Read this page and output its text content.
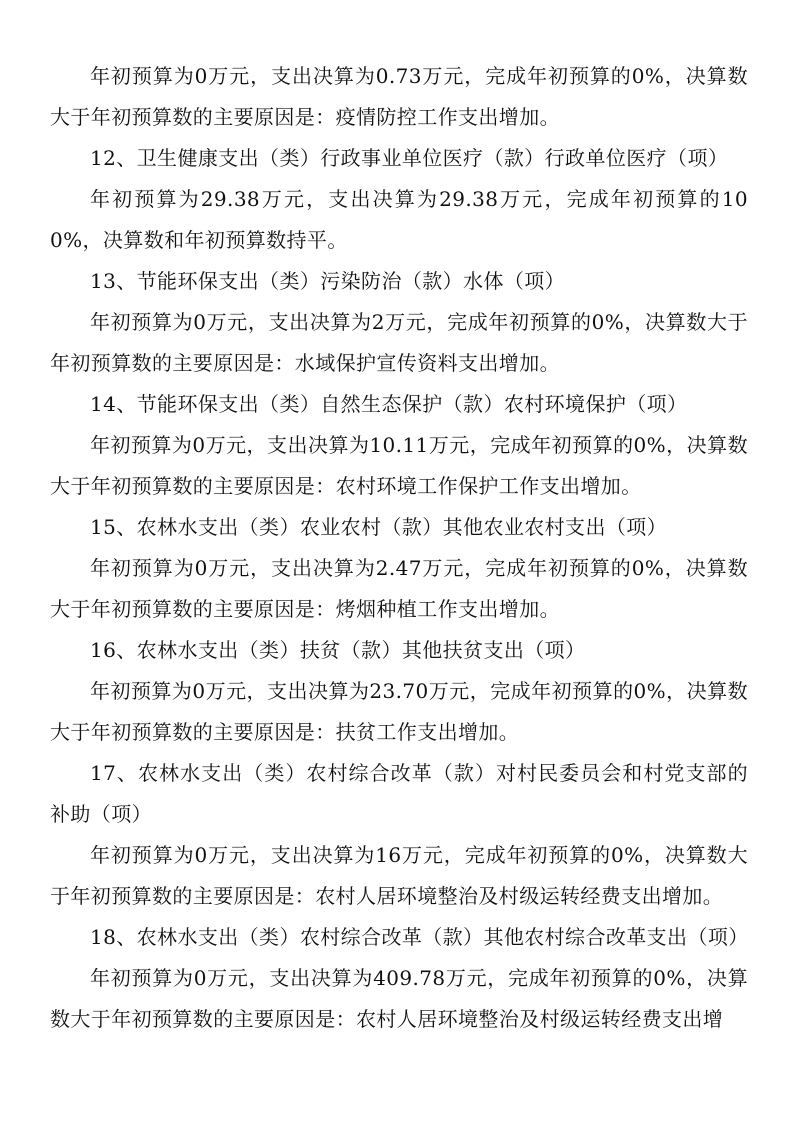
年初预算为0万元，支出决算为0.73万元，完成年初预算的0%，决算数大于年初预算数的主要原因是：疫情防控工作支出增加。

12、卫生健康支出（类）行政事业单位医疗（款）行政单位医疗（项）

年初预算为29.38万元，支出决算为29.38万元，完成年初预算的100%，决算数和年初预算数持平。

13、节能环保支出（类）污染防治（款）水体（项）

年初预算为0万元，支出决算为2万元，完成年初预算的0%，决算数大于年初预算数的主要原因是：水域保护宣传资料支出增加。

14、节能环保支出（类）自然生态保护（款）农村环境保护（项）

年初预算为0万元，支出决算为10.11万元，完成年初预算的0%，决算数大于年初预算数的主要原因是：农村环境工作保护工作支出增加。

15、农林水支出（类）农业农村（款）其他农业农村支出（项）

年初预算为0万元，支出决算为2.47万元，完成年初预算的0%，决算数大于年初预算数的主要原因是：烤烟种植工作支出增加。

16、农林水支出（类）扶贫（款）其他扶贫支出（项）

年初预算为0万元，支出决算为23.70万元，完成年初预算的0%，决算数大于年初预算数的主要原因是：扶贫工作支出增加。

17、农林水支出（类）农村综合改革（款）对村民委员会和村党支部的补助（项）

年初预算为0万元，支出决算为16万元，完成年初预算的0%，决算数大于年初预算数的主要原因是：农村人居环境整治及村级运转经费支出增加。

18、农林水支出（类）农村综合改革（款）其他农村综合改革支出（项）

年初预算为0万元，支出决算为409.78万元，完成年初预算的0%，决算数大于年初预算数的主要原因是：农村人居环境整治及村级运转经费支出增
